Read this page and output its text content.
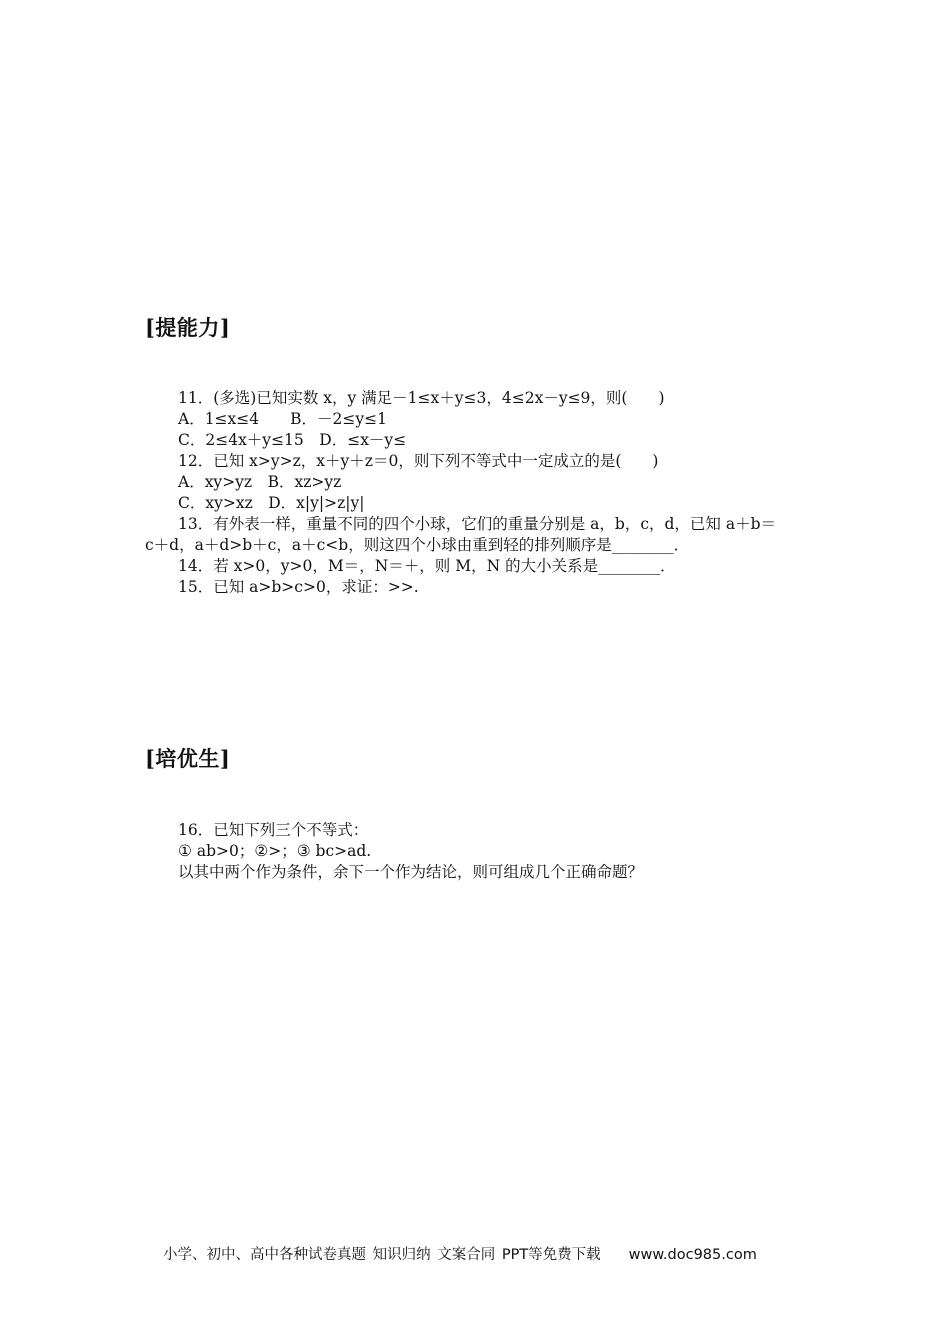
[提能力]
11．(多选)已知实数 x，y 满足－1≤x＋y≤3，4≤2x－y≤9，则(　　)
A．1≤x≤4　　B．－2≤y≤1
C．2≤4x＋y≤15　D．≤x－y≤
12．已知 x>y>z，x＋y＋z＝0，则下列不等式中一定成立的是(　　)
A．xy>yz　B．xz>yz
C．xy>xz　D．x|y|>z|y|
13．有外表一样，重量不同的四个小球，它们的重量分别是 a，b，c，d，已知 a＋b＝
c＋d，a＋d>b＋c，a＋c<b，则这四个小球由重到轻的排列顺序是________．
14．若 x>0，y>0，M＝，N＝＋，则 M，N 的大小关系是________．
15．已知 a>b>c>0，求证：>>.
[培优生]
16．已知下列三个不等式：
① ab>0；②>；③ bc>ad.
以其中两个作为条件，余下一个作为结论，则可组成几个正确命题？
小学、初中、高中各种试卷真题 知识归纳 文案合同 PPT等免费下载 www.doc985.com
